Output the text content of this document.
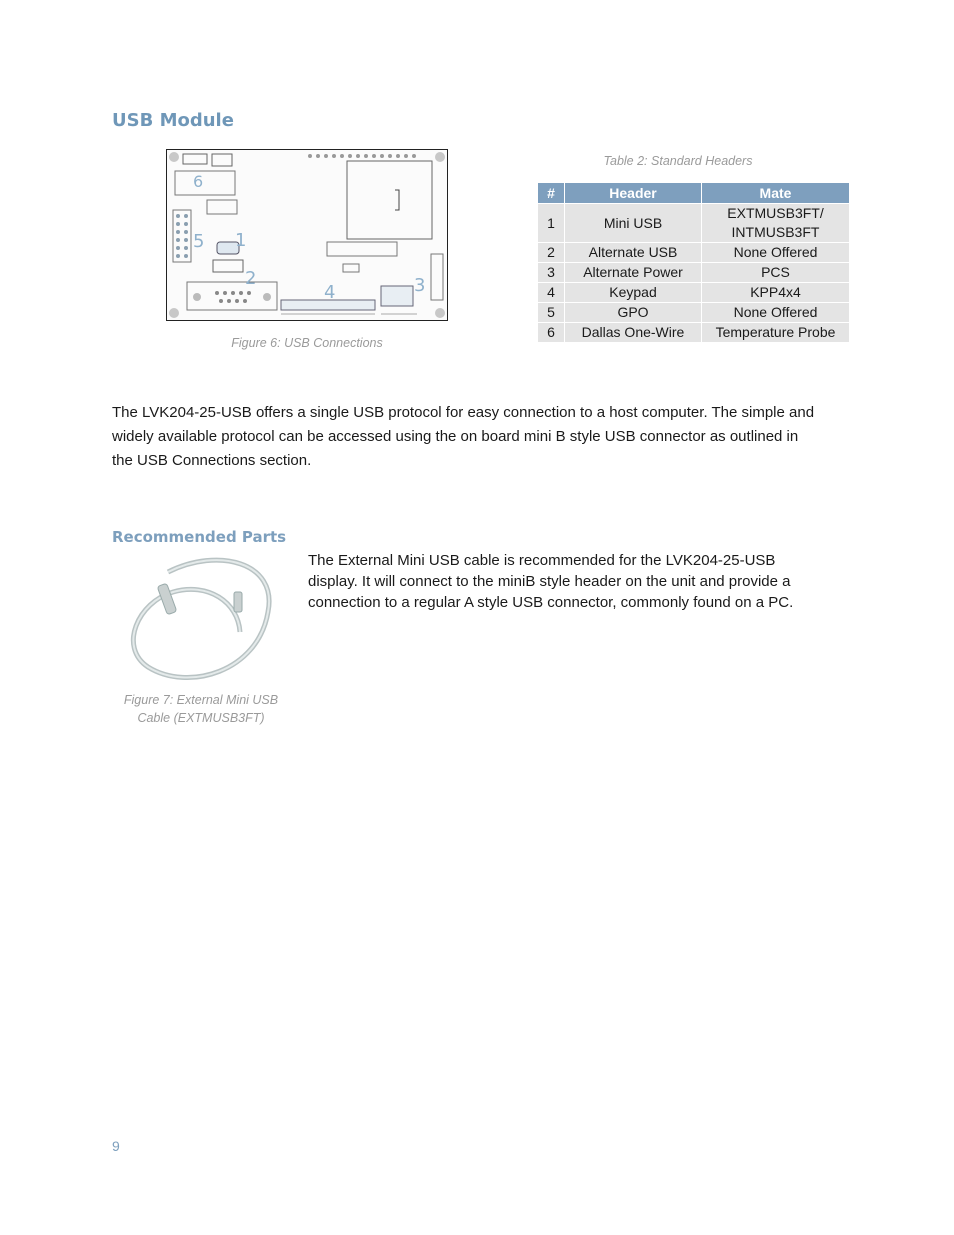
USB Module
6
1
5
2
4	3
Figure 6: USB Connections
Table 2: Standard Headers
#	Header	Mate
1	Mini USB	EXTMUSB3FT/
INTMUSB3FT

2	Alternate USB	None Offered
3	Alternate Power	PCS
4	Keypad	KPP4x4
5	GPO	None Offered
6	Dallas One-Wire	Temperature Probe
The LVK204-25-USB offers a single USB protocol for easy connection to a host computer. The simple and
widely available protocol can be accessed using the on board mini B style USB connector as outlined in
the USB Connections section.
Recommended Parts
Figure 7: External Mini USB
Cable (EXTMUSB3FT)
The External Mini USB cable is recommended for the LVK204-25-USB
display. It will connect to the miniB style header on the unit and provide a
connection to a regular A style USB connector, commonly found on a PC.
9
